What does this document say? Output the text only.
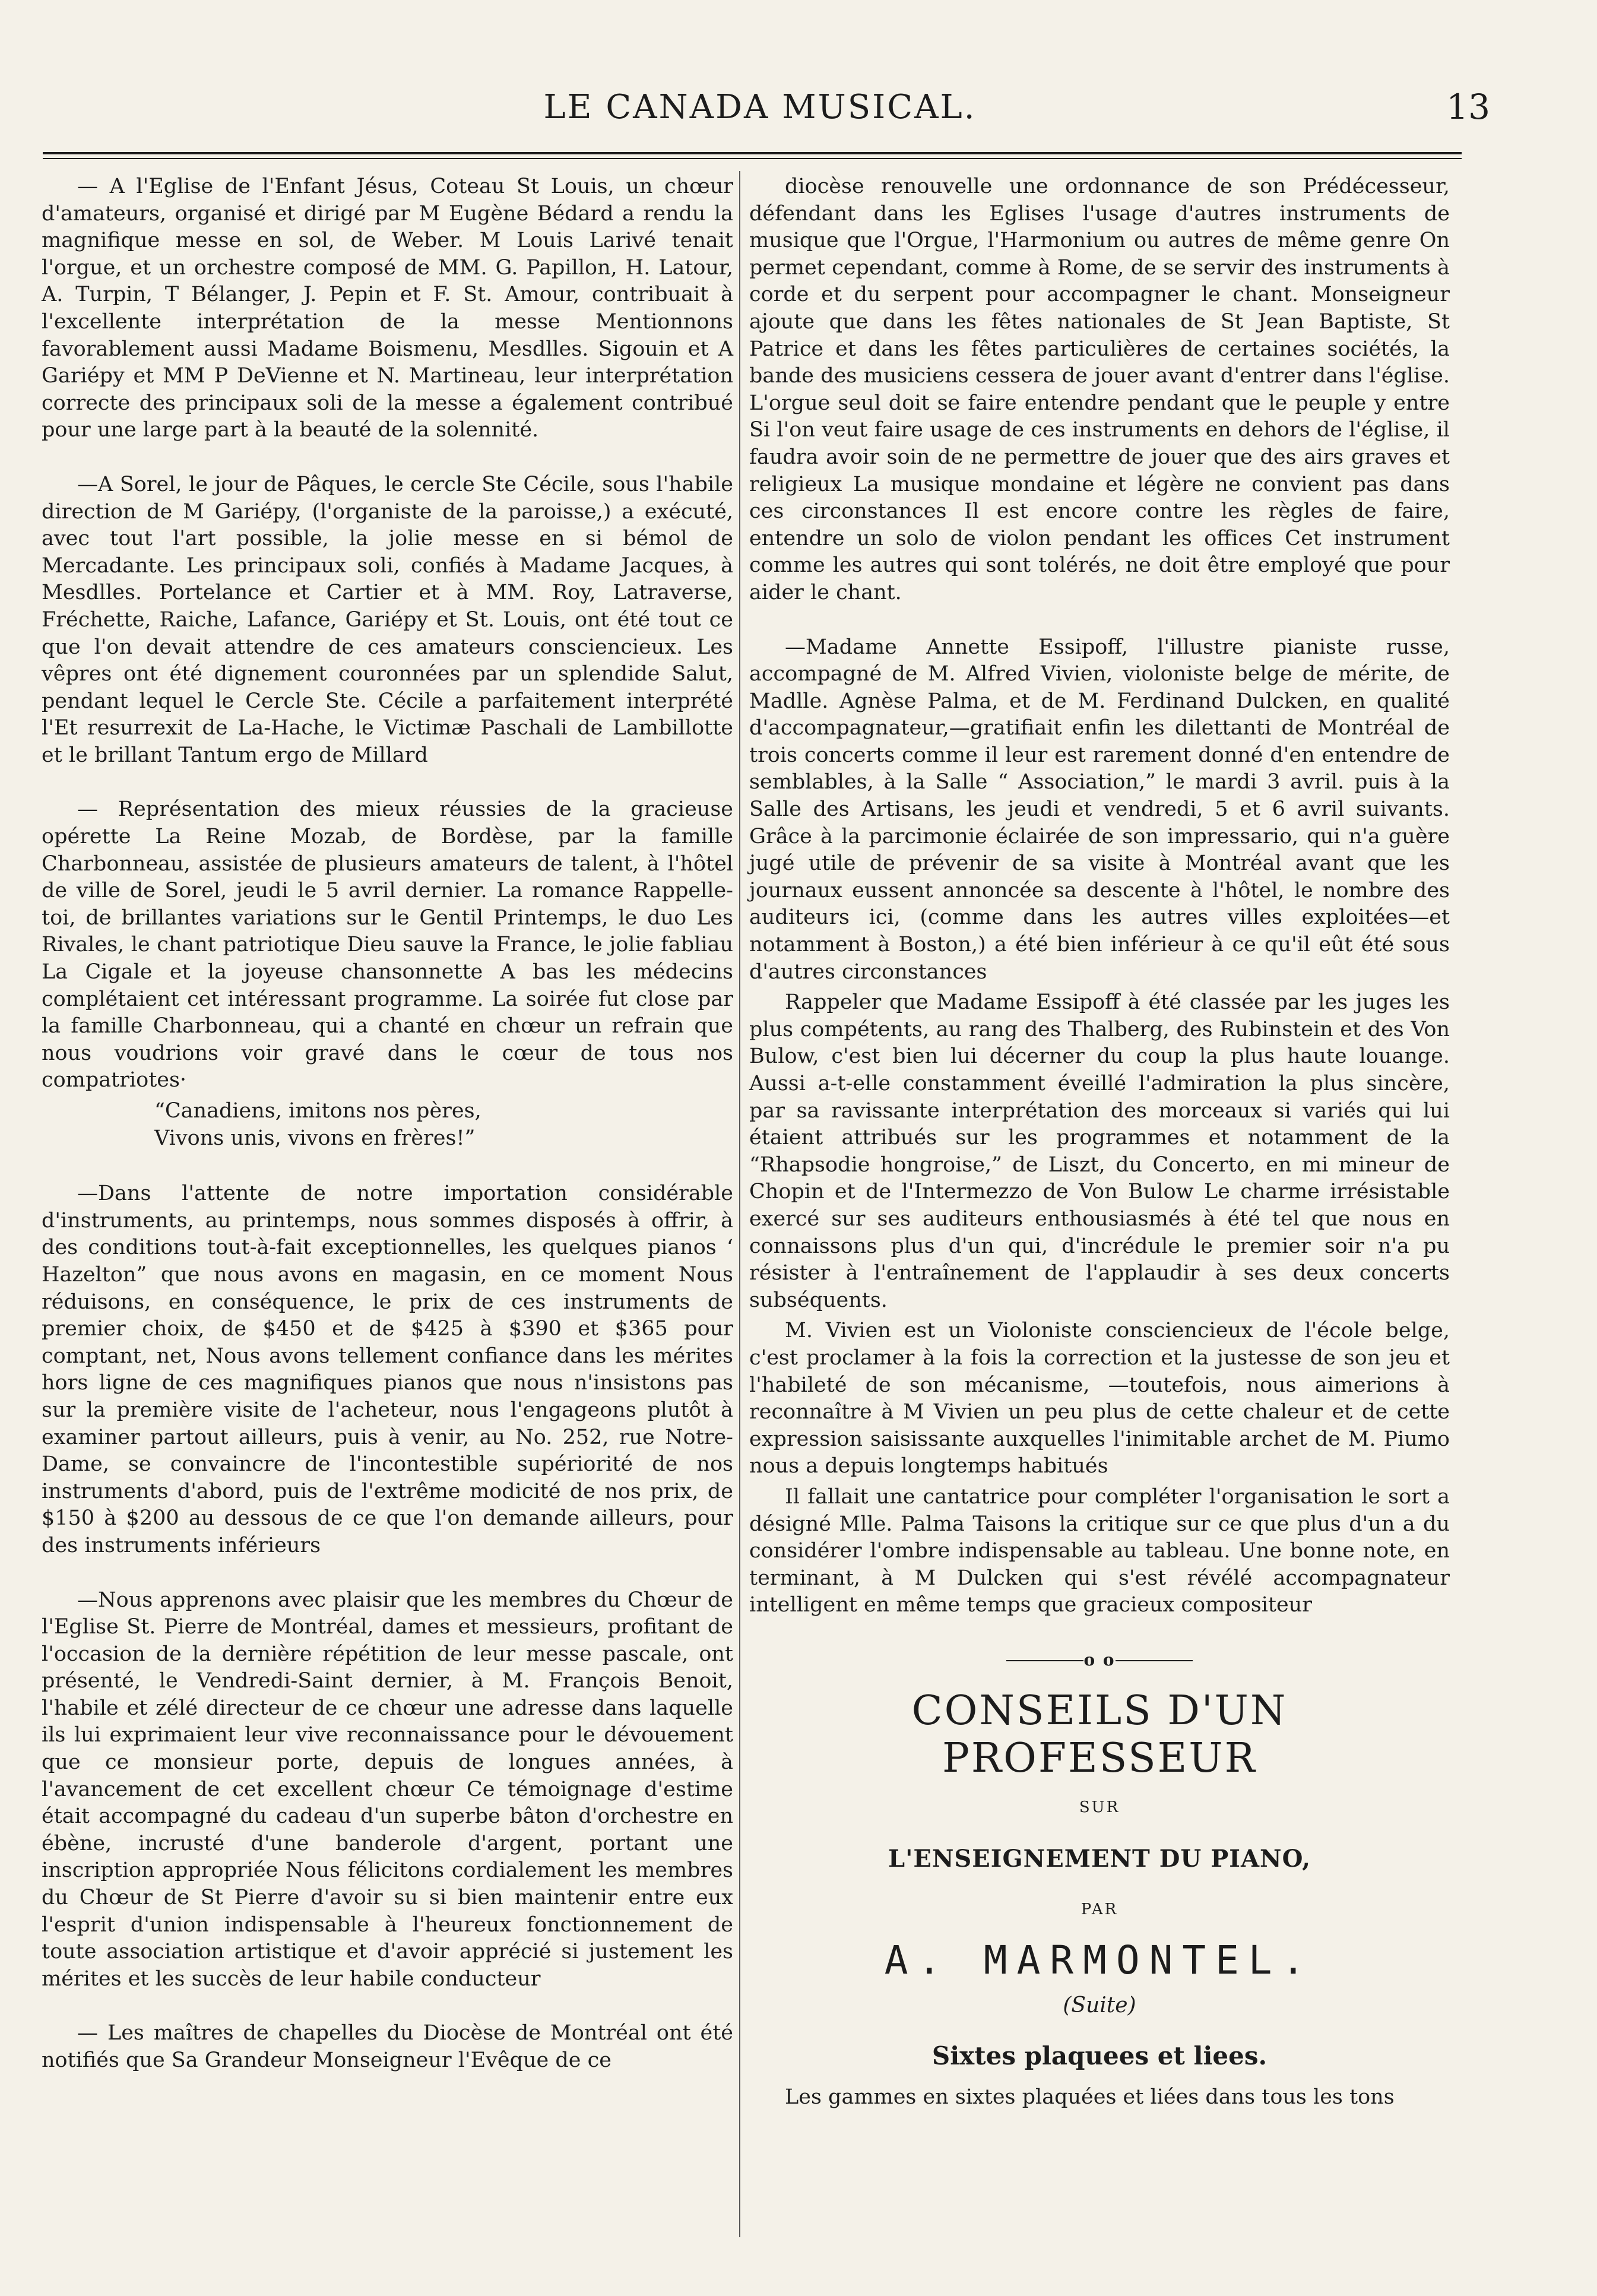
LE CANADA MUSICAL.	13

— A l'Eglise de l'Enfant Jésus, Coteau St Louis, un chœur d'amateurs, organisé et dirigé par M Eugène Bédard a rendu la magnifique messe en sol, de Weber. M Louis Larivé tenait l'orgue, et un orchestre composé de MM. G. Papillon, H. Latour, A. Turpin, T Bélanger, J. Pepin et F. St. Amour, contribuait à l'excellente interprétation de la messe Mentionnons favorablement aussi Madame Boismenu, Mesdlles. Sigouin et A Gariépy et MM P DeVienne et N. Martineau, leur interprétation correcte des principaux soli de la messe a également contribué pour une large part à la beauté de la solennité.

—A Sorel, le jour de Pâques, le cercle Ste Cécile, sous l'habile direction de M Gariépy, (l'organiste de la paroisse,) a exécuté, avec tout l'art possible, la jolie messe en si bémol de Mercadante. Les principaux soli, confiés à Madame Jacques, à Mesdlles. Portelance et Cartier et à MM. Roy, Latraverse, Fréchette, Raiche, Lafance, Gariépy et St. Louis, ont été tout ce que l'on devait attendre de ces amateurs consciencieux. Les vêpres ont été dignement couronnées par un splendide Salut, pendant lequel le Cercle Ste. Cécile a parfaitement interprété l'Et resurrexit de La-Hache, le Victimæ Paschali de Lambillotte et le brillant Tantum ergo de Millard

— Représentation des mieux réussies de la gracieuse opérette La Reine Mozab, de Bordèse, par la famille Charbonneau, assistée de plusieurs amateurs de talent, à l'hôtel de ville de Sorel, jeudi le 5 avril dernier. La romance Rappelle-toi, de brillantes variations sur le Gentil Printemps, le duo Les Rivales, le chant patriotique Dieu sauve la France, le jolie fabliau La Cigale et la joyeuse chansonnette A bas les médecins complétaient cet intéressant programme. La soirée fut close par la famille Charbonneau, qui a chanté en chœur un refrain que nous voudrions voir gravé dans le cœur de tous nos compatriotes·

“Canadiens, imitons nos pères,
Vivons unis, vivons en frères!”

—Dans l'attente de notre importation considérable d'instruments, au printemps, nous sommes disposés à offrir, à des conditions tout-à-fait exceptionnelles, les quelques pianos ‘ Hazelton” que nous avons en magasin, en ce moment Nous réduisons, en conséquence, le prix de ces instruments de premier choix, de $450 et de $425 à $390 et $365 pour comptant, net, Nous avons tellement confiance dans les mérites hors ligne de ces magnifiques pianos que nous n'insistons pas sur la première visite de l'acheteur, nous l'engageons plutôt à examiner partout ailleurs, puis à venir, au No. 252, rue Notre-Dame, se convaincre de l'incontestible supériorité de nos instruments d'abord, puis de l'extrême modicité de nos prix, de $150 à $200 au dessous de ce que l'on demande ailleurs, pour des instruments inférieurs

—Nous apprenons avec plaisir que les membres du Chœur de l'Eglise St. Pierre de Montréal, dames et messieurs, profitant de l'occasion de la dernière répétition de leur messe pascale, ont présenté, le Vendredi-Saint dernier, à M. François Benoit, l'habile et zélé directeur de ce chœur une adresse dans laquelle ils lui exprimaient leur vive reconnaissance pour le dévouement que ce monsieur porte, depuis de longues années, à l'avancement de cet excellent chœur Ce témoignage d'estime était accompagné du cadeau d'un superbe bâton d'orchestre en ébène, incrusté d'une banderole d'argent, portant une inscription appropriée Nous félicitons cordialement les membres du Chœur de St Pierre d'avoir su si bien maintenir entre eux l'esprit d'union indispensable à l'heureux fonctionnement de toute association artistique et d'avoir apprécié si justement les mérites et les succès de leur habile conducteur

— Les maîtres de chapelles du Diocèse de Montréal ont été notifiés que Sa Grandeur Monseigneur l'Evêque de ce

diocèse renouvelle une ordonnance de son Prédécesseur, défendant dans les Eglises l'usage d'autres instruments de musique que l'Orgue, l'Harmonium ou autres de même genre On permet cependant, comme à Rome, de se servir des instruments à corde et du serpent pour accompagner le chant. Monseigneur ajoute que dans les fêtes nationales de St Jean Baptiste, St Patrice et dans les fêtes particulières de certaines sociétés, la bande des musiciens cessera de jouer avant d'entrer dans l'église. L'orgue seul doit se faire entendre pendant que le peuple y entre Si l'on veut faire usage de ces instruments en dehors de l'église, il faudra avoir soin de ne permettre de jouer que des airs graves et religieux La musique mondaine et légère ne convient pas dans ces circonstances Il est encore contre les règles de faire, entendre un solo de violon pendant les offices Cet instrument comme les autres qui sont tolérés, ne doit être employé que pour aider le chant.

—Madame Annette Essipoff, l'illustre pianiste russe, accompagné de M. Alfred Vivien, violoniste belge de mérite, de Madlle. Agnèse Palma, et de M. Ferdinand Dulcken, en qualité d'accompagnateur,—gratifiait enfin les dilettanti de Montréal de trois concerts comme il leur est rarement donné d'en entendre de semblables, à la Salle “ Association,” le mardi 3 avril. puis à la Salle des Artisans, les jeudi et vendredi, 5 et 6 avril suivants. Grâce à la parcimonie éclairée de son impressario, qui n'a guère jugé utile de prévenir de sa visite à Montréal avant que les journaux eussent annoncée sa descente à l'hôtel, le nombre des auditeurs ici, (comme dans les autres villes exploitées—et notamment à Boston,) a été bien inférieur à ce qu'il eût été sous d'autres circonstances

Rappeler que Madame Essipoff à été classée par les juges les plus compétents, au rang des Thalberg, des Rubinstein et des Von Bulow, c'est bien lui décerner du coup la plus haute louange. Aussi a-t-elle constamment éveillé l'admiration la plus sincère, par sa ravissante interprétation des morceaux si variés qui lui étaient attribués sur les programmes et notamment de la “Rhapsodie hongroise,” de Liszt, du Concerto, en mi mineur de Chopin et de l'Intermezzo de Von Bulow Le charme irrésistable exercé sur ses auditeurs enthousiasmés à été tel que nous en connaissons plus d'un qui, d'incrédule le premier soir n'a pu résister à l'entraînement de l'applaudir à ses deux concerts subséquents.

M. Vivien est un Violoniste consciencieux de l'école belge, c'est proclamer à la fois la correction et la justesse de son jeu et l'habileté de son mécanisme, —toutefois, nous aimerions à reconnaître à M Vivien un peu plus de cette chaleur et de cette expression saisissante auxquelles l'inimitable archet de M. Piumo nous a depuis longtemps habitués

Il fallait une cantatrice pour compléter l'organisation le sort a désigné Mlle. Palma Taisons la critique sur ce que plus d'un a du considérer l'ombre indispensable au tableau. Une bonne note, en terminant, à M Dulcken qui s'est révélé accompagnateur intelligent en même temps que gracieux compositeur

o o
CONSEILS D'UN PROFESSEUR
SUR
L'ENSEIGNEMENT DU PIANO,
PAR
A. MARMONTEL.
(Suite)
Sixtes plaquees et liees.

Les gammes en sixtes plaquées et liées dans tous les tons
